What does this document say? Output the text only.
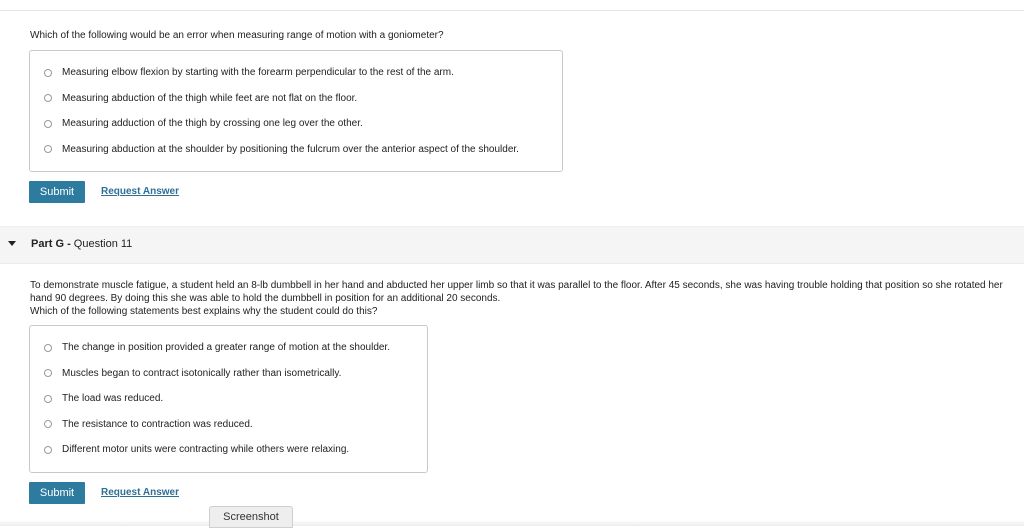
Which of the following would be an error when measuring range of motion with a goniometer?
Measuring elbow flexion by starting with the forearm perpendicular to the rest of the arm.
Measuring abduction of the thigh while feet are not flat on the floor.
Measuring adduction of the thigh by crossing one leg over the other.
Measuring abduction at the shoulder by positioning the fulcrum over the anterior aspect of the shoulder.
Submit	Request Answer
Part G - Question 11
To demonstrate muscle fatigue, a student held an 8-lb dumbbell in her hand and abducted her upper limb so that it was parallel to the floor. After 45 seconds, she was having trouble holding that position so she rotated her hand 90 degrees. By doing this she was able to hold the dumbbell in position for an additional 20 seconds.
Which of the following statements best explains why the student could do this?
The change in position provided a greater range of motion at the shoulder.
Muscles began to contract isotonically rather than isometrically.
The load was reduced.
The resistance to contraction was reduced.
Different motor units were contracting while others were relaxing.
Submit	Request Answer
Screenshot
